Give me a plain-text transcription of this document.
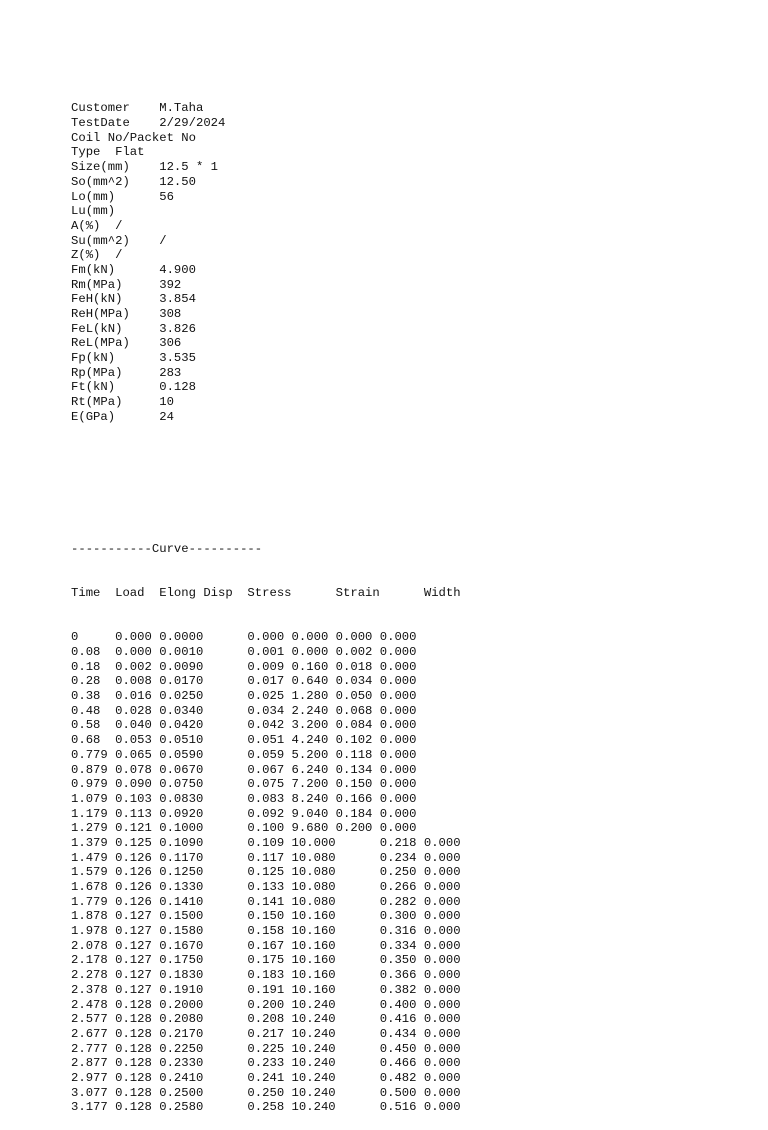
Customer    M.Taha
TestDate    2/29/2024
Coil No/Packet No
Type  Flat
Size(mm)    12.5 * 1
So(mm^2)    12.50
Lo(mm)      56
Lu(mm)
A(%)  /
Su(mm^2)    /
Z(%)  /
Fm(kN)      4.900
Rm(MPa)     392
FeH(kN)     3.854
ReH(MPa)    308
FeL(kN)     3.826
ReL(MPa)    306
Fp(kN)      3.535
Rp(MPa)     283
Ft(kN)      0.128
Rt(MPa)     10
E(GPa)      24

-----------Curve----------

Time  Load  Elong Disp  Stress      Strain      Width

0     0.000 0.0000      0.000 0.000 0.000 0.000
0.08  0.000 0.0010      0.001 0.000 0.002 0.000
0.18  0.002 0.0090      0.009 0.160 0.018 0.000
0.28  0.008 0.0170      0.017 0.640 0.034 0.000
0.38  0.016 0.0250      0.025 1.280 0.050 0.000
0.48  0.028 0.0340      0.034 2.240 0.068 0.000
0.58  0.040 0.0420      0.042 3.200 0.084 0.000
0.68  0.053 0.0510      0.051 4.240 0.102 0.000
0.779 0.065 0.0590      0.059 5.200 0.118 0.000
0.879 0.078 0.0670      0.067 6.240 0.134 0.000
0.979 0.090 0.0750      0.075 7.200 0.150 0.000
1.079 0.103 0.0830      0.083 8.240 0.166 0.000
1.179 0.113 0.0920      0.092 9.040 0.184 0.000
1.279 0.121 0.1000      0.100 9.680 0.200 0.000
1.379 0.125 0.1090      0.109 10.000      0.218 0.000
1.479 0.126 0.1170      0.117 10.080      0.234 0.000
1.579 0.126 0.1250      0.125 10.080      0.250 0.000
1.678 0.126 0.1330      0.133 10.080      0.266 0.000
1.779 0.126 0.1410      0.141 10.080      0.282 0.000
1.878 0.127 0.1500      0.150 10.160      0.300 0.000
1.978 0.127 0.1580      0.158 10.160      0.316 0.000
2.078 0.127 0.1670      0.167 10.160      0.334 0.000
2.178 0.127 0.1750      0.175 10.160      0.350 0.000
2.278 0.127 0.1830      0.183 10.160      0.366 0.000
2.378 0.127 0.1910      0.191 10.160      0.382 0.000
2.478 0.128 0.2000      0.200 10.240      0.400 0.000
2.577 0.128 0.2080      0.208 10.240      0.416 0.000
2.677 0.128 0.2170      0.217 10.240      0.434 0.000
2.777 0.128 0.2250      0.225 10.240      0.450 0.000
2.877 0.128 0.2330      0.233 10.240      0.466 0.000
2.977 0.128 0.2410      0.241 10.240      0.482 0.000
3.077 0.128 0.2500      0.250 10.240      0.500 0.000
3.177 0.128 0.2580      0.258 10.240      0.516 0.000
